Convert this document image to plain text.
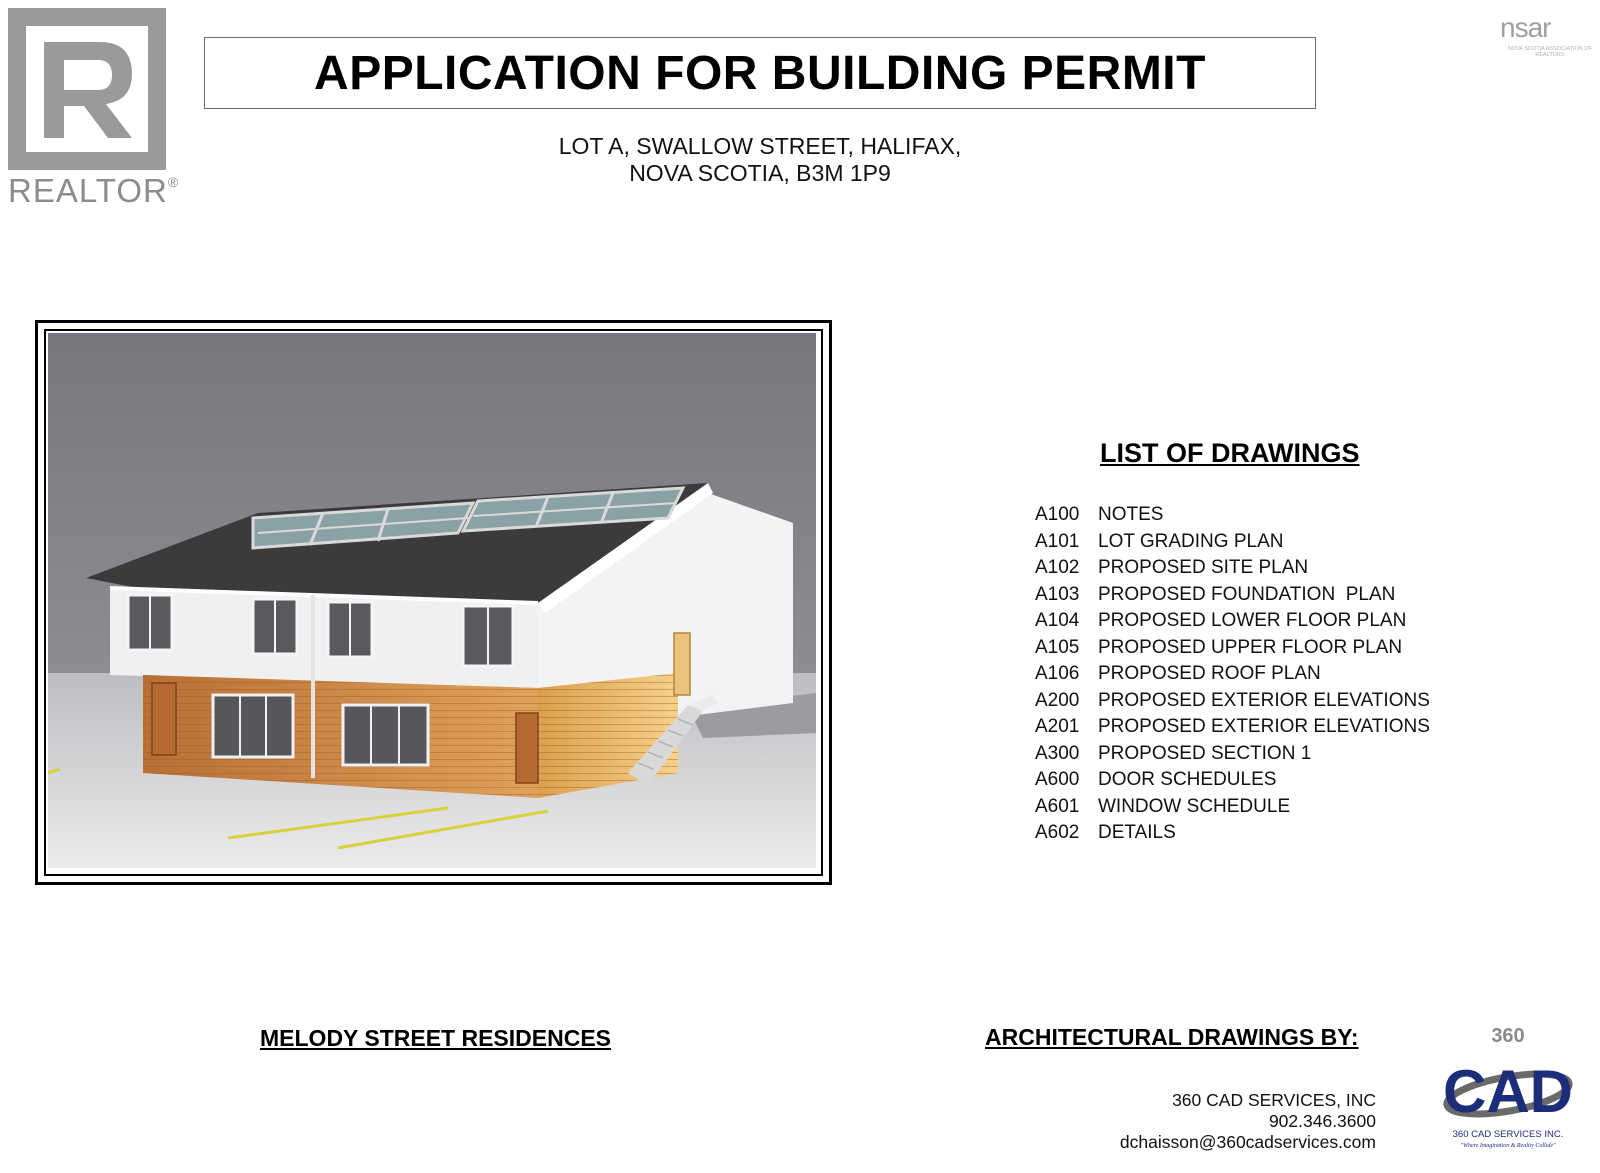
REALTOR®
nsar
NOVA SCOTIA ASSOCIATION OF REALTORS
APPLICATION FOR BUILDING PERMIT
LOT A, SWALLOW STREET, HALIFAX,
NOVA SCOTIA, B3M 1P9
LIST OF DRAWINGS
A100 NOTES
A101 LOT GRADING PLAN
A102 PROPOSED SITE PLAN
A103 PROPOSED FOUNDATION  PLAN
A104 PROPOSED LOWER FLOOR PLAN
A105 PROPOSED UPPER FLOOR PLAN
A106 PROPOSED ROOF PLAN
A200 PROPOSED EXTERIOR ELEVATIONS
A201 PROPOSED EXTERIOR ELEVATIONS
A300 PROPOSED SECTION 1
A600 DOOR SCHEDULES
A601 WINDOW SCHEDULE
A602 DETAILS
MELODY STREET RESIDENCES	ARCHITECTURAL DRAWINGS BY:
360 CAD SERVICES, INC
902.346.3600
dchaisson@360cadservices.com
360
CAD
360 CAD SERVICES INC.
"Where Imagination & Reality Collide"
